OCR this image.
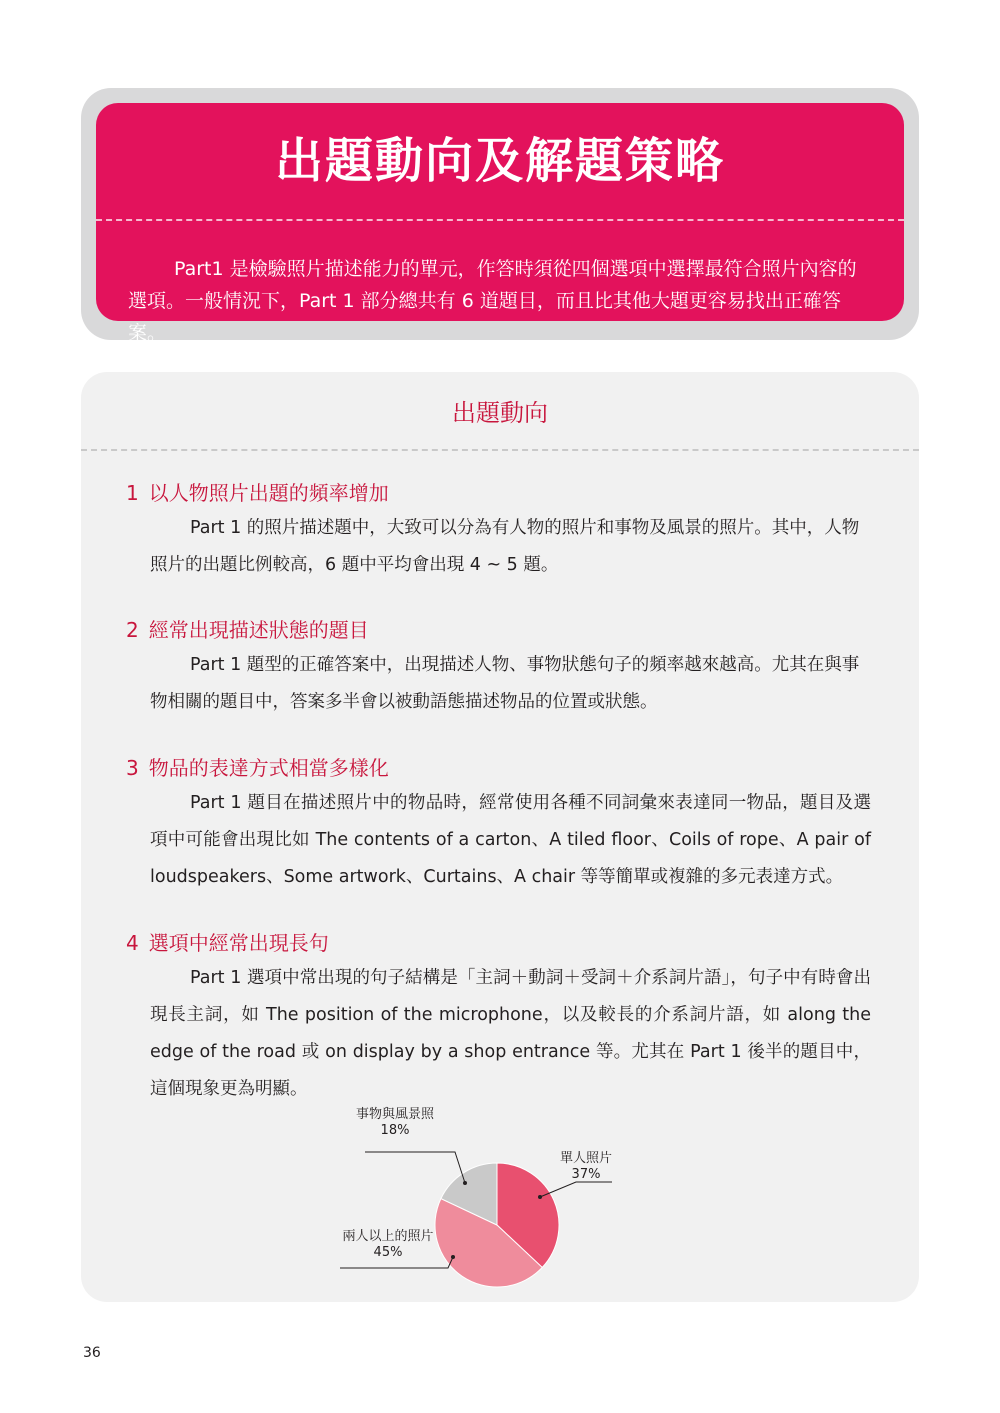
出題動向及解題策略
Part1 是檢驗照片描述能力的單元，作答時須從四個選項中選擇最符合照片內容的選項。一般情況下，Part 1 部分總共有 6 道題目，而且比其他大題更容易找出正確答案。
出題動向
1 以人物照片出題的頻率增加
Part 1 的照片描述題中，大致可以分為有人物的照片和事物及風景的照片。其中，人物照片的出題比例較高，6 題中平均會出現 4 ~ 5 題。
2 經常出現描述狀態的題目
Part 1 題型的正確答案中，出現描述人物、事物狀態句子的頻率越來越高。尤其在與事物相關的題目中，答案多半會以被動語態描述物品的位置或狀態。
3 物品的表達方式相當多樣化
Part 1 題目在描述照片中的物品時，經常使用各種不同詞彙來表達同一物品，題目及選項中可能會出現比如 The contents of a carton、A tiled floor、Coils of rope、A pair of loudspeakers、Some artwork、Curtains、A chair 等等簡單或複雜的多元表達方式。
4 選項中經常出現長句
Part 1 選項中常出現的句子結構是「主詞＋動詞＋受詞＋介系詞片語」，句子中有時會出現長主詞，如 The position of the microphone，以及較長的介系詞片語，如 along the edge of the road 或 on display by a shop entrance 等。尤其在 Part 1 後半的題目中，這個現象更為明顯。
單人照片
37%
兩人以上的照片
45%
事物與風景照
18%
36
